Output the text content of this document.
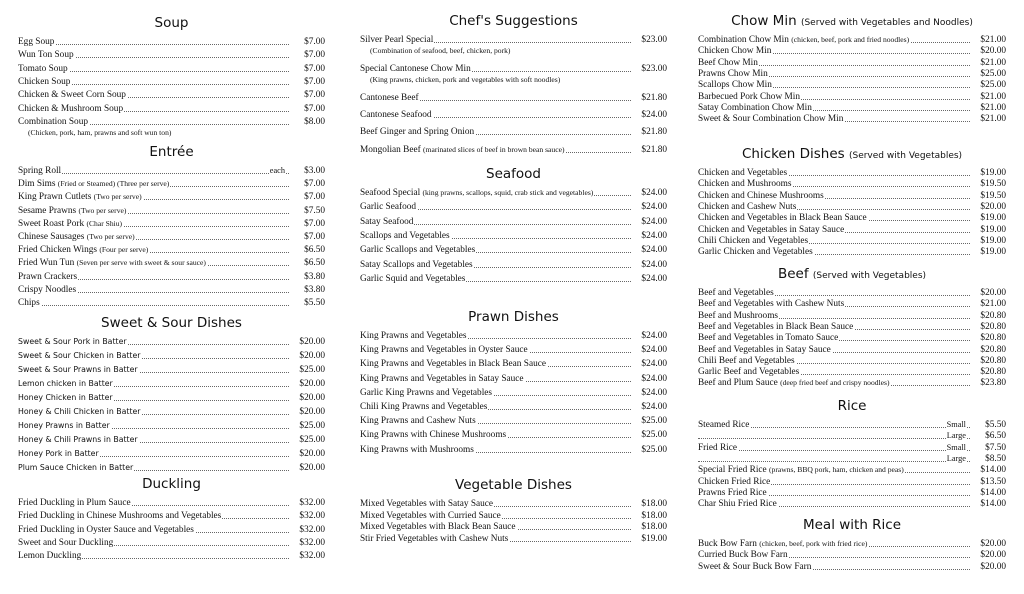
Soup
Egg Soup	$7.00
Wun Ton Soup	$7.00
Tomato Soup	$7.00
Chicken Soup	$7.00
Chicken & Sweet Corn Soup	$7.00
Chicken & Mushroom Soup	$7.00
Combination Soup	$8.00
(Chicken, pork, ham, prawns and soft wun ton)
Entrée
Spring Roll	each $3.00
Dim Sims (Fried or Steamed) (Three per serve)	$7.00
King Prawn Cutlets (Two per serve)	$7.00
Sesame Prawns (Two per serve)	$7.50
Sweet Roast Pork (Char Shiu)	$7.00
Chinese Sausages (Two per serve)	$7.00
Fried Chicken Wings (Four per serve)	$6.50
Fried Wun Tun (Seven per serve with sweet & sour sauce)	$6.50
Prawn Crackers	$3.80
Crispy Noodles	$3.80
Chips	$5.50
Sweet & Sour Dishes
Sweet & Sour Pork in Batter	$20.00
Sweet & Sour Chicken in Batter	$20.00
Sweet & Sour Prawns in Batter	$25.00
Lemon chicken in Batter	$20.00
Honey Chicken in Batter	$20.00
Honey & Chili Chicken in Batter	$20.00
Honey Prawns in Batter	$25.00
Honey & Chili Prawns in Batter	$25.00
Honey Pork in Batter	$20.00
Plum Sauce Chicken in Batter	$20.00
Duckling
Fried Duckling in Plum Sauce	$32.00
Fried Duckling in Chinese Mushrooms and Vegetables	$32.00
Fried Duckling in Oyster Sauce and Vegetables	$32.00
Sweet and Sour Duckling	$32.00
Lemon Duckling	$32.00
Chef's Suggestions
Silver Pearl Special	$23.00
(Combination of seafood, beef, chicken, pork)
Special Cantonese Chow Min	$23.00
(King prawns, chicken, pork and vegetables with soft noodles)
Cantonese Beef	$21.80
Cantonese Seafood	$24.00
Beef Ginger and Spring Onion	$21.80
Mongolian Beef (marinated slices of beef in brown bean sauce)	$21.80
Seafood
Seafood Special (king prawns, scallops, squid, crab stick and vegetables)	$24.00
Garlic Seafood	$24.00
Satay Seafood	$24.00
Scallops and Vegetables	$24.00
Garlic Scallops and Vegetables	$24.00
Satay Scallops and Vegetables	$24.00
Garlic Squid and Vegetables	$24.00
Prawn Dishes
King Prawns and Vegetables	$24.00
King Prawns and Vegetables in Oyster Sauce	$24.00
King Prawns and Vegetables in Black Bean Sauce	$24.00
King Prawns and Vegetables in Satay Sauce	$24.00
Garlic King Prawns and Vegetables	$24.00
Chili King Prawns and Vegetables	$24.00
King Prawns and Cashew Nuts	$25.00
King Prawns with Chinese Mushrooms	$25.00
King Prawns with Mushrooms	$25.00
Vegetable Dishes
Mixed Vegetables with Satay Sauce	$18.00
Mixed Vegetables with Curried Sauce	$18.00
Mixed Vegetables with Black Bean Sauce	$18.00
Stir Fried Vegetables with Cashew Nuts	$19.00
Chow Min (Served with Vegetables and Noodles)
Combination Chow Min (chicken, beef, pork and fried noodles)	$21.00
Chicken Chow Min	$20.00
Beef Chow Min	$21.00
Prawns Chow Min	$25.00
Scallops Chow Min	$25.00
Barbecued Pork Chow Min	$21.00
Satay Combination Chow Min	$21.00
Sweet & Sour Combination Chow Min	$21.00
Chicken Dishes (Served with Vegetables)
Chicken and Vegetables	$19.00
Chicken and Mushrooms	$19.50
Chicken and Chinese Mushrooms	$19.50
Chicken and Cashew Nuts	$20.00
Chicken and Vegetables in Black Bean Sauce	$19.00
Chicken and Vegetables in Satay Sauce	$19.00
Chili Chicken and Vegetables	$19.00
Garlic Chicken and Vegetables	$19.00
Beef (Served with Vegetables)
Beef and Vegetables	$20.00
Beef and Vegetables with Cashew Nuts	$21.00
Beef and Mushrooms	$20.80
Beef and Vegetables in Black Bean Sauce	$20.80
Beef and Vegetables in Tomato Sauce	$20.80
Beef and Vegetables in Satay Sauce	$20.80
Chili Beef and Vegetables	$20.80
Garlic Beef and Vegetables	$20.80
Beef and Plum Sauce (deep fried beef and crispy noodles)	$23.80
Rice
Steamed Rice	Small $5.50
Large $6.50
Fried Rice	Small $7.50
Large $8.50
Special Fried Rice (prawns, BBQ pork, ham, chicken and peas)	$14.00
Chicken Fried Rice	$13.50
Prawns Fried Rice	$14.00
Char Shiu Fried Rice	$14.00
Meal with Rice
Buck Bow Farn (chicken, beef, pork with fried rice)	$20.00
Curried Buck Bow Farn	$20.00
Sweet & Sour Buck Bow Farn	$20.00
